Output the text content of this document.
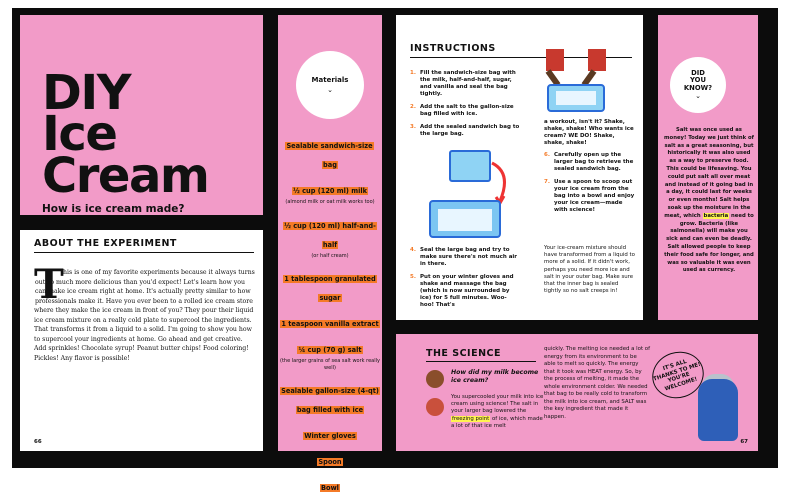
DIY
Ice
Cream
How is ice cream made?
ABOUT THE EXPERIMENT
This is one of my favorite experiments because it always turns out so much more delicious than you'd expect! Let's learn how you can make ice cream right at home. It's actually pretty similar to how professionals make it. Have you ever been to a rolled ice cream store where they make the ice cream in front of you? They pour their liquid ice cream mixture on a really cold plate to supercool the ingredients. That transforms it from a liquid to a solid. I'm going to show you how to supercool your ingredients at home. Go ahead and get creative. Add sprinkles! Chocolate syrup! Peanut butter chips! Food coloring! Pickles! Any flavor is possible!
66
Materials
⌄
Sealable sandwich-size bag
½ cup (120 ml) milk
(almond milk or oat milk works too)
½ cup (120 ml) half-and-half
(or half cream)
1 tablespoon granulated sugar
1 teaspoon vanilla extract
¼ cup (70 g) salt
(the larger grains of sea salt work really well)
Sealable gallon-size (4-qt) bag filled with ice
Winter gloves
Spoon
Bowl
INSTRUCTIONS
1. Fill the sandwich-size bag with the milk, half-and-half, sugar, and vanilla and seal the bag tightly.
2. Add the salt to the gallon-size bag filled with ice.
3. Add the sealed sandwich bag to the large bag.
4. Seal the large bag and try to make sure there's not much air in there.
5. Put on your winter gloves and shake and massage the bag (which is now surrounded by ice) for 5 full minutes. Woo-hoo! That's
a workout, isn't it? Shake, shake, shake! Who wants ice cream? WE DO! Shake, shake, shake!
6. Carefully open up the larger bag to retrieve the sealed sandwich bag.
7. Use a spoon to scoop out your ice cream from the bag into a bowl and enjoy your ice cream—made with science!
Your ice-cream mixture should have transformed from a liquid to more of a solid. If it didn't work, perhaps you need more ice and salt in your outer bag. Make sure that the inner bag is sealed tightly so no salt creeps in!
DID
YOU
KNOW?
⌄
Salt was once used as money! Today we just think of salt as a great seasoning, but historically it was also used as a way to preserve food. This could be lifesaving. You could put salt all over meat and instead of it going bad in a day, it could last for weeks or even months! Salt helps soak up the moisture in the meat, which bacteria need to grow. Bacteria (like salmonella) will make you sick and can even be deadly. Salt allowed people to keep their food safe for longer, and was so valuable it was even used as currency.
THE SCIENCE
How did my milk become ice cream?
You supercooled your milk into ice cream using science! The salt in your larger bag lowered the freezing point of ice, which made a lot of that ice melt
quickly. The melting ice needed a lot of energy from its environment to be able to melt so quickly. The energy that it took was HEAT energy. So, by the process of melting, it made the whole environment colder. We needed that bag to be really cold to transform the milk into ice cream, and SALT was the key ingredient that made it happen.
IT'S ALL THANKS TO ME! YOU'RE WELCOME!
67
